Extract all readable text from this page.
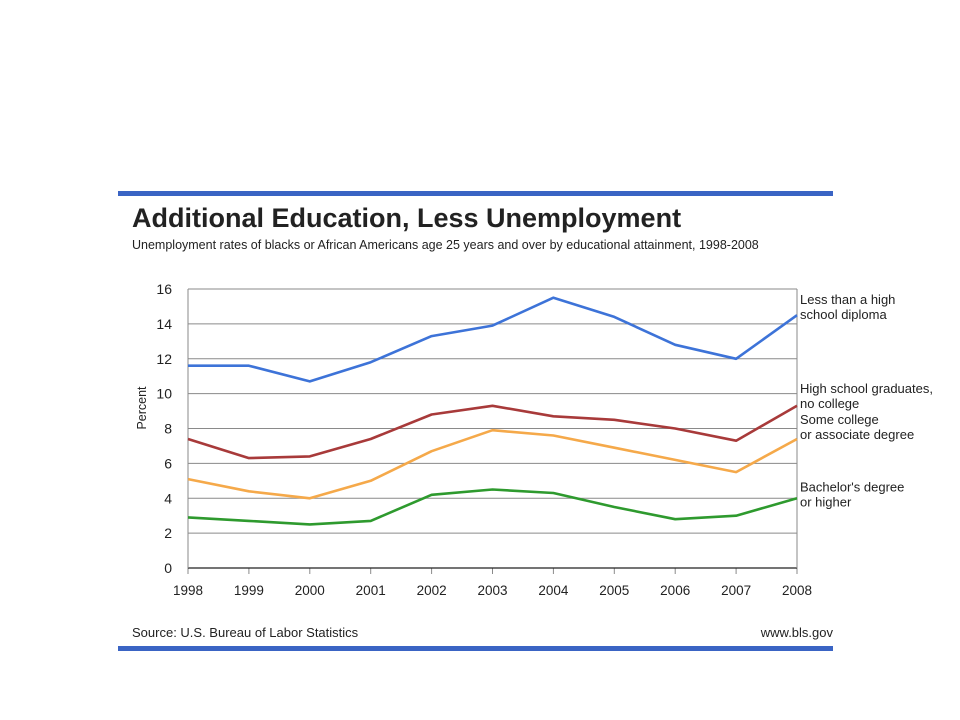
Additional Education, Less Unemployment
Unemployment rates of blacks or African Americans age 25 years and over by educational attainment, 1998-2008
0
2
4
6
8
10
12
14
16
1998 1999 2000 2001 2002 2003 2004 2005 2006 2007 2008
Percent
Less than a high
school diploma
High school graduates,
no college
Some college
or associate degree
Bachelor's degree
or higher
Source: U.S. Bureau of Labor Statistics	www.bls.gov
